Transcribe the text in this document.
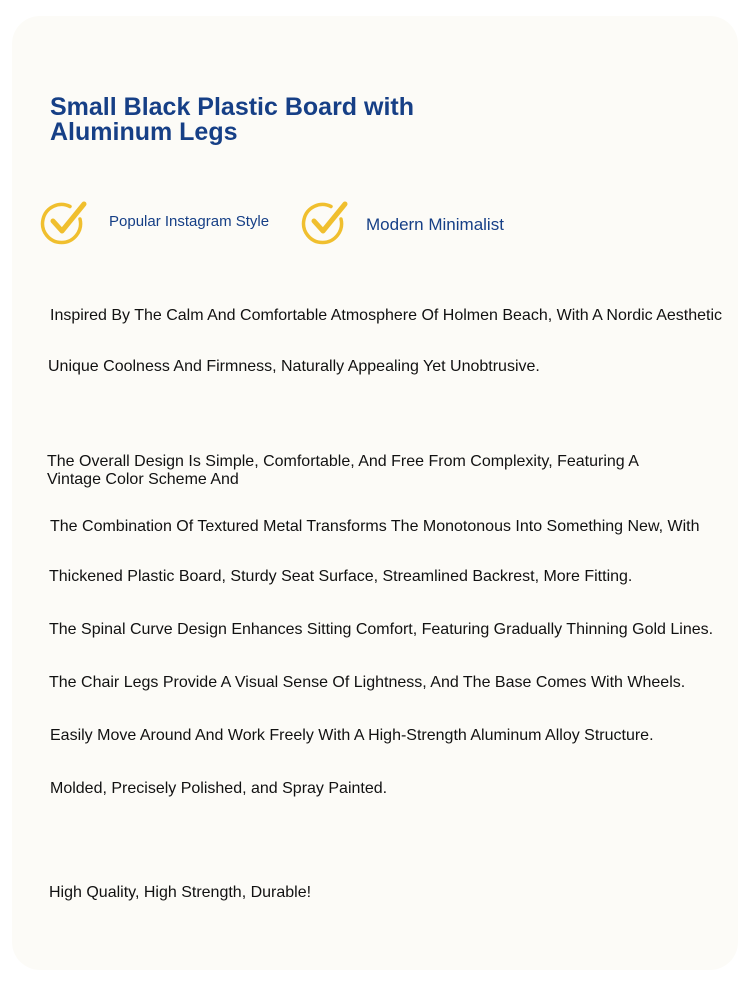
Small Black Plastic Board with Aluminum Legs
Popular Instagram Style	Modern Minimalist

Inspired By The Calm And Comfortable Atmosphere Of Holmen Beach, With A Nordic Aesthetic

Unique Coolness And Firmness, Naturally Appealing Yet Unobtrusive.

The Overall Design Is Simple, Comfortable, And Free From Complexity, Featuring A Vintage Color Scheme And

The Combination Of Textured Metal Transforms The Monotonous Into Something New, With

Thickened Plastic Board, Sturdy Seat Surface, Streamlined Backrest, More Fitting.

The Spinal Curve Design Enhances Sitting Comfort, Featuring Gradually Thinning Gold Lines.

The Chair Legs Provide A Visual Sense Of Lightness, And The Base Comes With Wheels.

Easily Move Around And Work Freely With A High-Strength Aluminum Alloy Structure.

Molded, Precisely Polished, and Spray Painted.

High Quality, High Strength, Durable!
